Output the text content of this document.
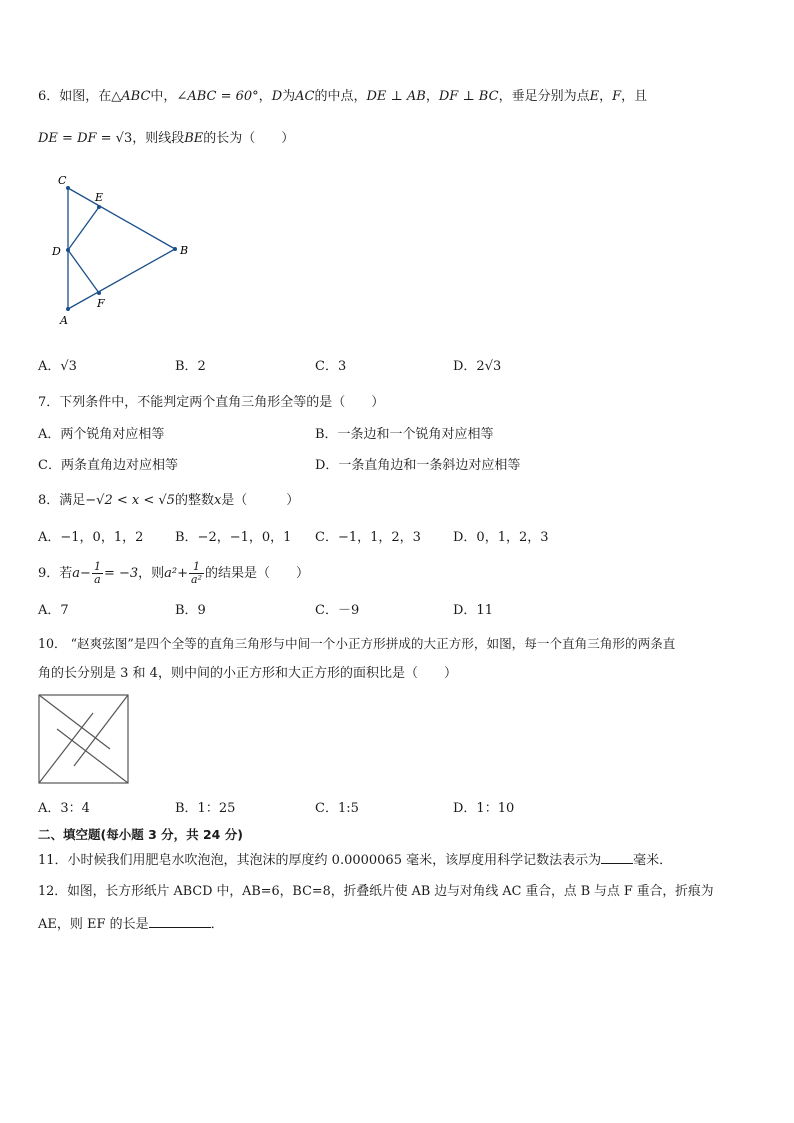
6．如图，在△ABC中，∠ABC = 60°，D为AC的中点，DE ⊥ AB，DF ⊥ BC，垂足分别为点E，F，且
DE = DF = √3，则线段BE的长为（　　）
C
E
D	B
F
A
A．√3	B．2	C．3	D．2√3
7．下列条件中，不能判定两个直角三角形全等的是（　　）
A．两个锐角对应相等	B．一条边和一个锐角对应相等
C．两条直角边对应相等	D．一条直角边和一条斜边对应相等
8．满足−√2 < x < √5的整数x是（　　　）
A．−1，0，1，2 B．−2，−1，0，1 C．−1，1，2，3 D．0，1，2，3
9．若$a- \frac{1}{a} = -3$，则$a^2+ \frac{1}{\text{a²}}$ 的结果是（　　）
A．7	B．9	C．－9	D．11
10． “赵爽弦图”是四个全等的直角三角形与中间一个小正方形拼成的大正方形，如图，每一个直角三角形的两条直
角的长分别是 3 和 4，则中间的小正方形和大正方形的面积比是（　　）
A．3：4	B．1：25	C．1:5	D．1：10
二、填空题(每小题 3 分，共 24 分)
11．小时候我们用肥皂水吹泡泡，其泡沫的厚度约 0.0000065 毫米，该厚度用科学记数法表示为 毫米．
12．如图，长方形纸片 ABCD 中，AB=6，BC=8，折叠纸片使 AB 边与对角线 AC 重合，点 B 与点 F 重合，折痕为
AE，则 EF 的长是	．
